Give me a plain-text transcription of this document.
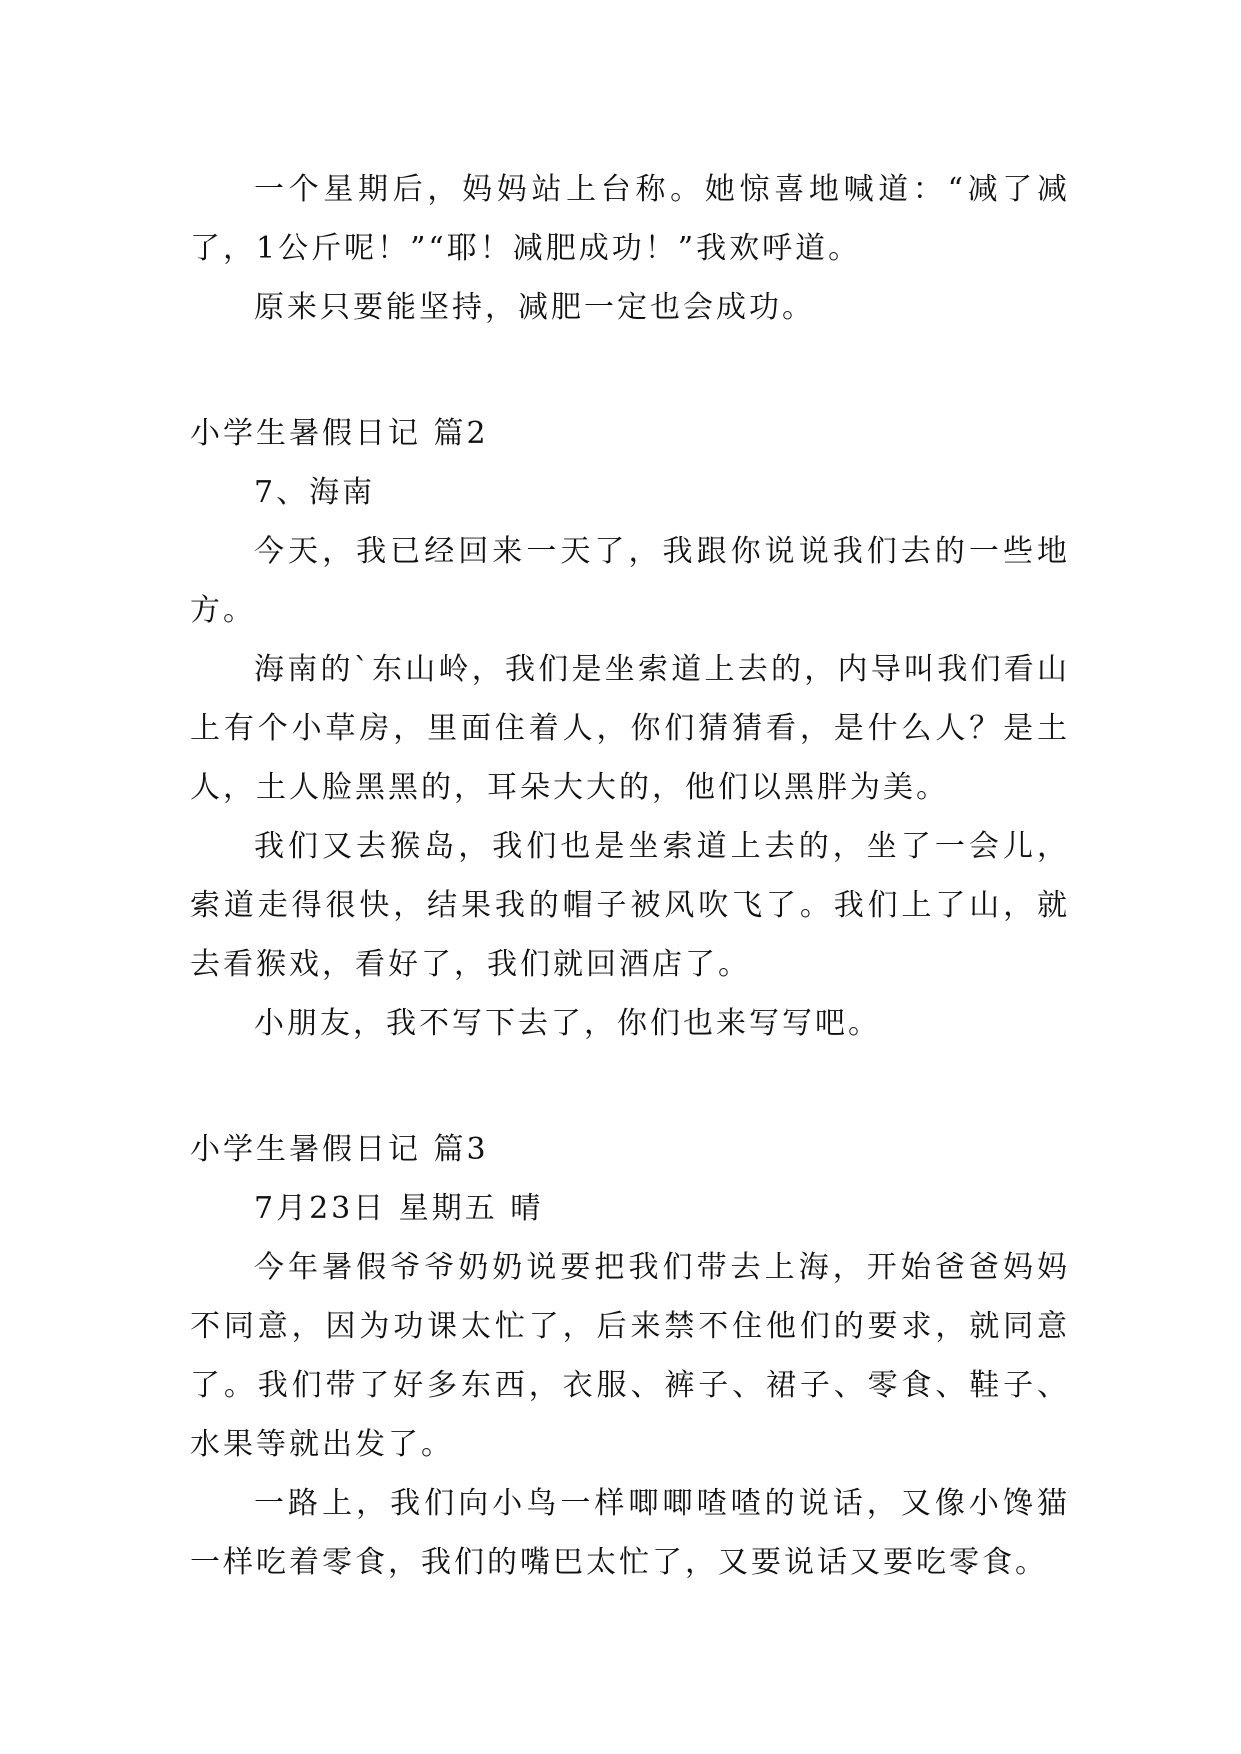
一个星期后，妈妈站上台称。她惊喜地喊道：“减了减了，1公斤呢！”“耶！减肥成功！”我欢呼道。

原来只要能坚持，减肥一定也会成功。

小学生暑假日记 篇2

7、海南

今天，我已经回来一天了，我跟你说说我们去的一些地方。

海南的`东山岭，我们是坐索道上去的，内导叫我们看山上有个小草房，里面住着人，你们猜猜看，是什么人？是土人，土人脸黑黑的，耳朵大大的，他们以黑胖为美。

我们又去猴岛，我们也是坐索道上去的，坐了一会儿，索道走得很快，结果我的帽子被风吹飞了。我们上了山，就去看猴戏，看好了，我们就回酒店了。

小朋友，我不写下去了，你们也来写写吧。

小学生暑假日记 篇3

7月23日 星期五 晴

今年暑假爷爷奶奶说要把我们带去上海，开始爸爸妈妈不同意，因为功课太忙了，后来禁不住他们的要求，就同意了。我们带了好多东西，衣服、裤子、裙子、零食、鞋子、水果等就出发了。

一路上，我们向小鸟一样唧唧喳喳的说话，又像小馋猫一样吃着零食，我们的嘴巴太忙了，又要说话又要吃零食。
